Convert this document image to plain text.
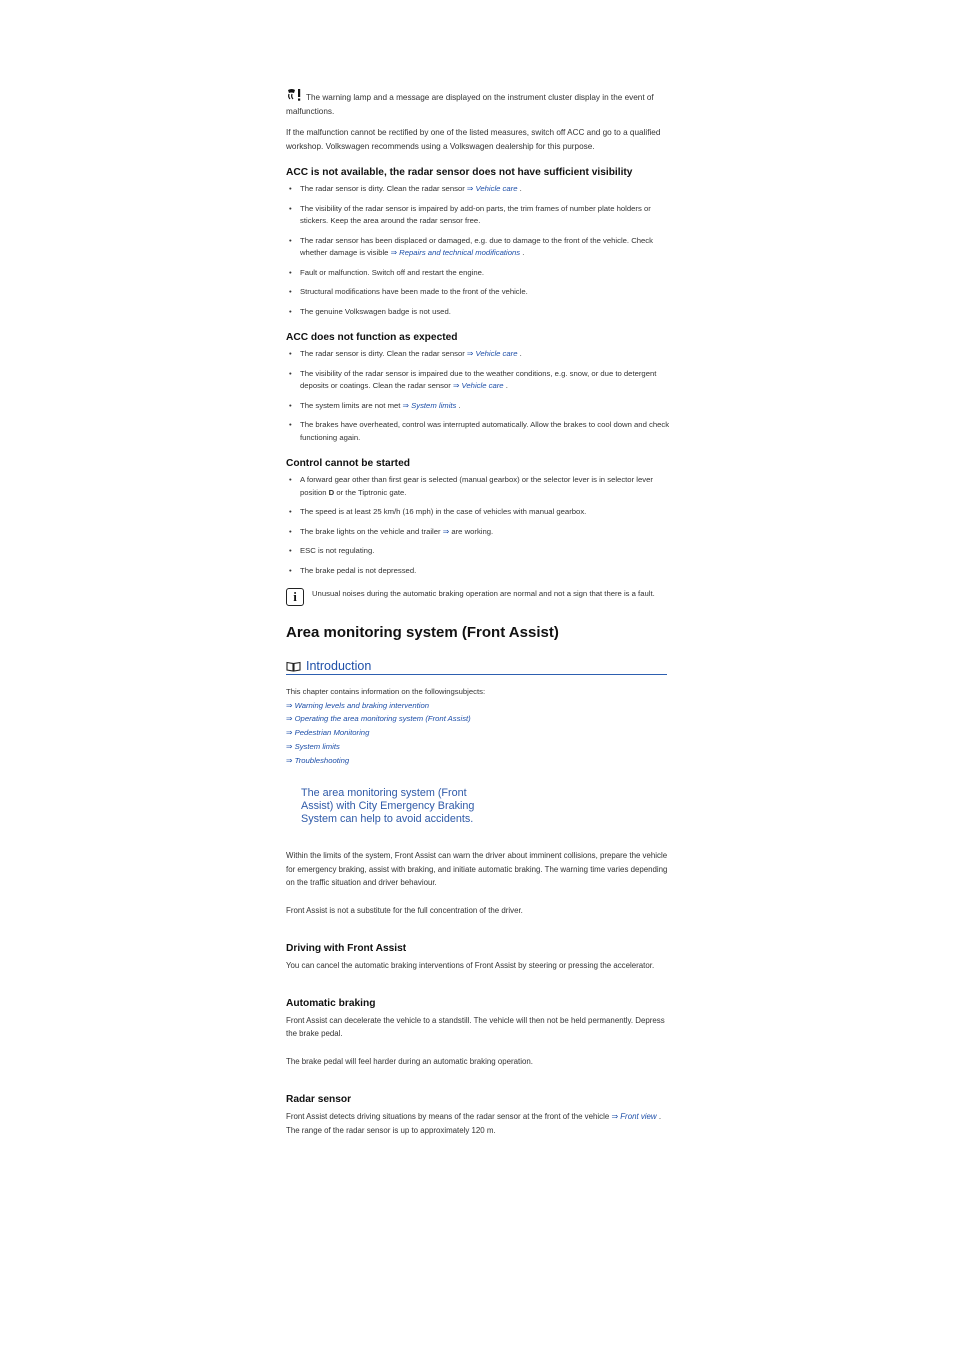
The warning lamp and a message are displayed on the instrument cluster display in the event of malfunctions.

If the malfunction cannot be rectified by one of the listed measures, switch off ACC and go to a qualified workshop. Volkswagen recommends using a Volkswagen dealership for this purpose.

ACC is not available, the radar sensor does not have sufficient visibility
• The radar sensor is dirty. Clean the radar sensor ⇒ Vehicle care .
• The visibility of the radar sensor is impaired by add-on parts, the trim frames of number plate holders or stickers. Keep the area around the radar sensor free.
• The radar sensor has been displaced or damaged, e.g. due to damage to the front of the vehicle. Check whether damage is visible ⇒ Repairs and technical modifications .
• Fault or malfunction. Switch off and restart the engine.
• Structural modifications have been made to the front of the vehicle.
• The genuine Volkswagen badge is not used.
ACC does not function as expected
• The radar sensor is dirty. Clean the radar sensor ⇒ Vehicle care .
• The visibility of the radar sensor is impaired due to the weather conditions, e.g. snow, or due to detergent deposits or coatings. Clean the radar sensor ⇒ Vehicle care .
• The system limits are not met ⇒ System limits .
• The brakes have overheated, control was interrupted automatically. Allow the brakes to cool down and check functioning again.
Control cannot be started
• A forward gear other than first gear is selected (manual gearbox) or the selector lever is in selector lever position D or the Tiptronic gate.
• The speed is at least 25 km/h (16 mph) in the case of vehicles with manual gearbox.
• The brake lights on the vehicle and trailer ⇒ are working.
• ESC is not regulating.
• The brake pedal is not depressed.
i Unusual noises during the automatic braking operation are normal and not a sign that there is a fault.
Area monitoring system (Front Assist)
Introduction
This chapter contains information on the followingsubjects:
⇒ Warning levels and braking intervention
⇒ Operating the area monitoring system (Front Assist)
⇒ Pedestrian Monitoring
⇒ System limits
⇒ Troubleshooting
The area monitoring system (Front Assist) with City Emergency Braking System can help to avoid accidents.

Within the limits of the system, Front Assist can warn the driver about imminent collisions, prepare the vehicle for emergency braking, assist with braking, and initiate automatic braking. The warning time varies depending on the traffic situation and driver behaviour.

Front Assist is not a substitute for the full concentration of the driver.

Driving with Front Assist

You can cancel the automatic braking interventions of Front Assist by steering or pressing the accelerator.

Automatic braking

Front Assist can decelerate the vehicle to a standstill. The vehicle will then not be held permanently. Depress the brake pedal.

The brake pedal will feel harder during an automatic braking operation.

Radar sensor

Front Assist detects driving situations by means of the radar sensor at the front of the vehicle ⇒ Front view . The range of the radar sensor is up to approximately 120 m.
